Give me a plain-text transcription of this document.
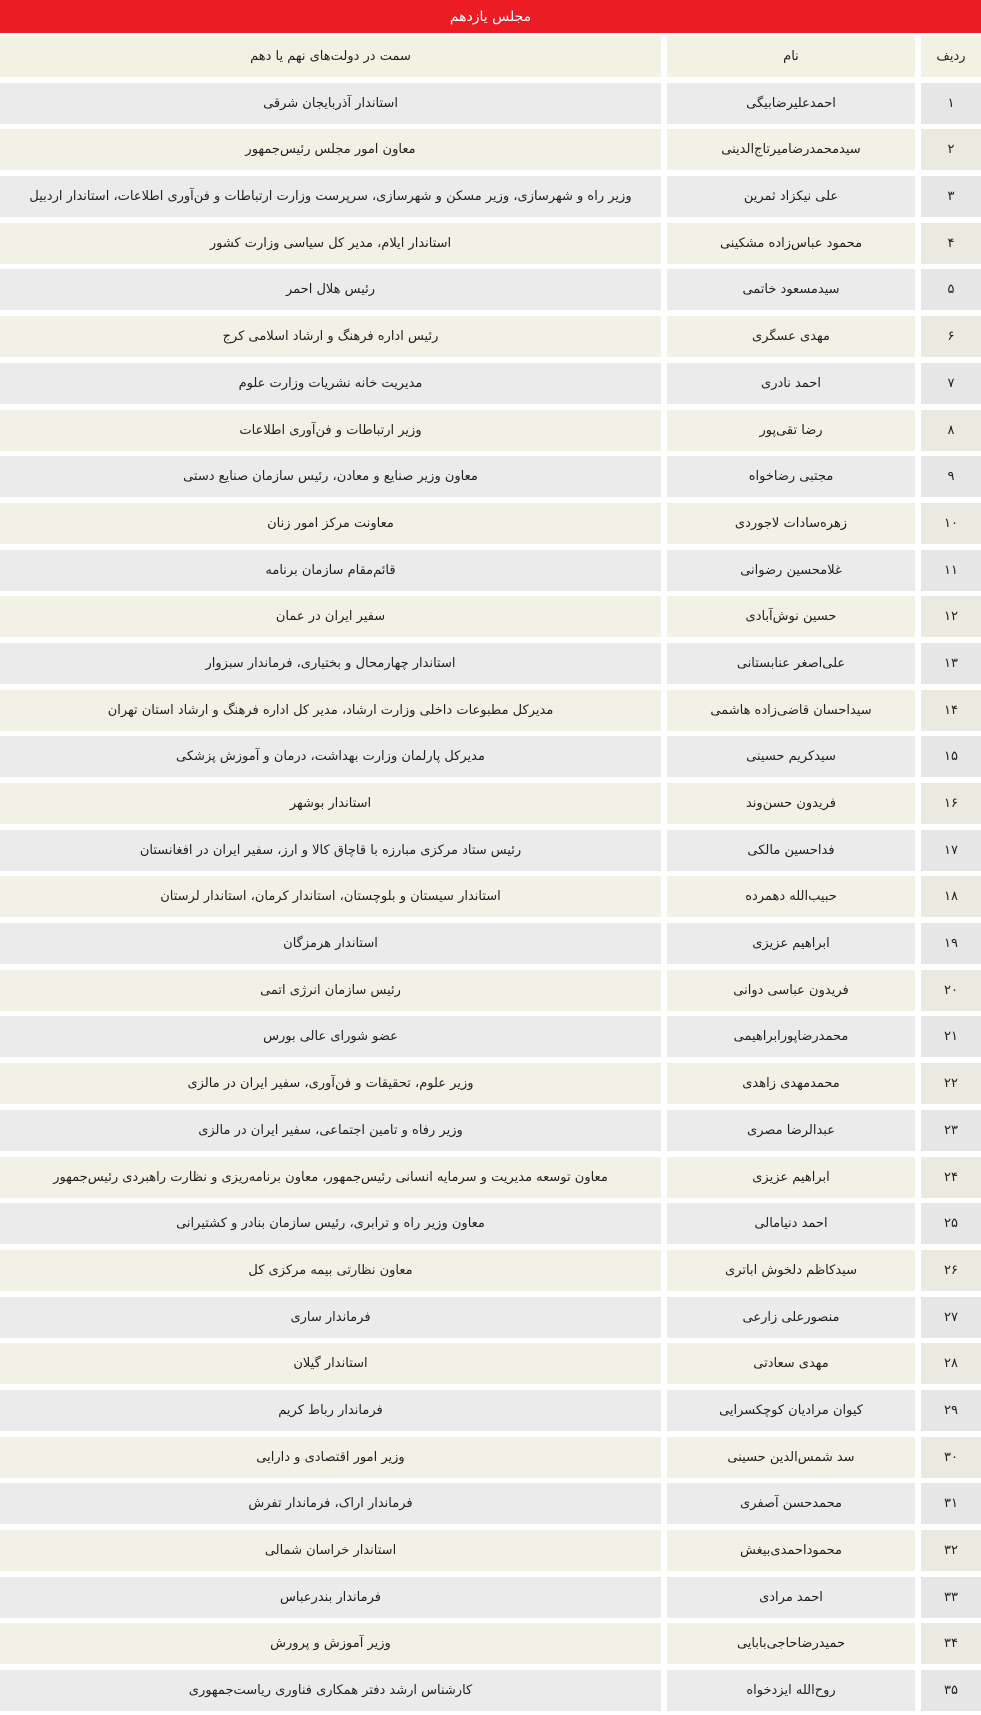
مجلس یازدهم
ردیف
نام
سمت در دولت‌های نهم یا دهم
۱
احمدعلیرضابیگی
استاندار آذربایجان شرقی
۲
سیدمحمدرضامیرتاج‌الدینی
معاون امور مجلس رئیس‌جمهور
۳
علی نیکزاد ثمرین
وزیر راه و شهرسازی، وزیر مسکن و شهرسازی، سرپرست وزارت ارتباطات و فن‌آوری اطلاعات، استاندار اردبیل
۴
محمود عباس‌زاده مشکینی
استاندار ایلام، مدیر کل سیاسی وزارت کشور
۵
سیدمسعود خاتمی
رئیس هلال احمر
۶
مهدی عسگری
رئیس اداره فرهنگ و ارشاد اسلامی کرج
۷
احمد نادری
مدیریت خانه نشریات وزارت علوم
۸
رضا تقی‌پور
وزیر ارتباطات و فن‌آوری اطلاعات
۹
مجتبی رضاخواه
معاون وزیر صنایع و معادن، رئیس سازمان صنایع دستی
۱۰
زهره‌سادات لاجوردی
معاونت مرکز امور زنان
۱۱
غلامحسین رضوانی
قائم‌مقام سازمان برنامه
۱۲
حسین نوش‌آبادی
سفیر ایران در عمان
۱۳
علی‌اصغر عنابستانی
استاندار چهارمحال و بختیاری، فرماندار سبزوار
۱۴
سیداحسان قاضی‌زاده هاشمی
مدیرکل مطبوعات داخلی وزارت ارشاد، مدیر کل اداره فرهنگ و ارشاد استان تهران
۱۵
سیدکریم حسینی
مدیرکل پارلمان وزارت بهداشت، درمان و آموزش پزشکی
۱۶
فریدون حسن‌وند
استاندار بوشهر
۱۷
فداحسین مالکی
رئیس ستاد مرکزی مبارزه با قاچاق کالا و ارز، سفیر ایران در افغانستان
۱۸
حبیب‌الله دهمرده
استاندار سیستان و بلوچستان، استاندار کرمان، استاندار لرستان
۱۹
ابراهیم عزیزی
استاندار هرمزگان
۲۰
فریدون عباسی دوانی
رئیس سازمان انرژی اتمی
۲۱
محمدرضاپورابراهیمی
عضو شورای عالی بورس
۲۲
محمدمهدی زاهدی
وزیر علوم، تحقیقات و فن‌آوری، سفیر ایران در مالزی
۲۳
عبدالرضا مصری
وزیر رفاه و تامین اجتماعی، سفیر ایران در مالزی
۲۴
ابراهیم عزیزی
معاون توسعه مدیریت و سرمایه انسانی رئیس‌جمهور، معاون برنامه‌ریزی و نظارت راهبردی رئیس‌جمهور
۲۵
احمد دنیامالی
معاون وزیر راه و ترابری، رئیس سازمان بنادر و کشتیرانی
۲۶
سیدکاظم دلخوش اباتری
معاون نظارتی بیمه مرکزی کل
۲۷
منصورعلی زارعی
فرماندار ساری
۲۸
مهدی سعادتی
استاندار گیلان
۲۹
کیوان مرادیان کوچکسرایی
فرماندار رباط کریم
۳۰
سد شمس‌الدین حسینی
وزیر امور اقتصادی و دارایی
۳۱
محمدحسن آصفری
فرماندار اراک، فرماندار تفرش
۳۲
محموداحمدی‌بیغش
استاندار خراسان شمالی
۳۳
احمد مرادی
فرماندار بندرعباس
۳۴
حمیدرضاحاجی‌بابایی
وزیر آموزش و پرورش
۳۵
روح‌الله ایزدخواه
کارشناس ارشد دفتر همکاری فناوری ریاست‌جمهوری
